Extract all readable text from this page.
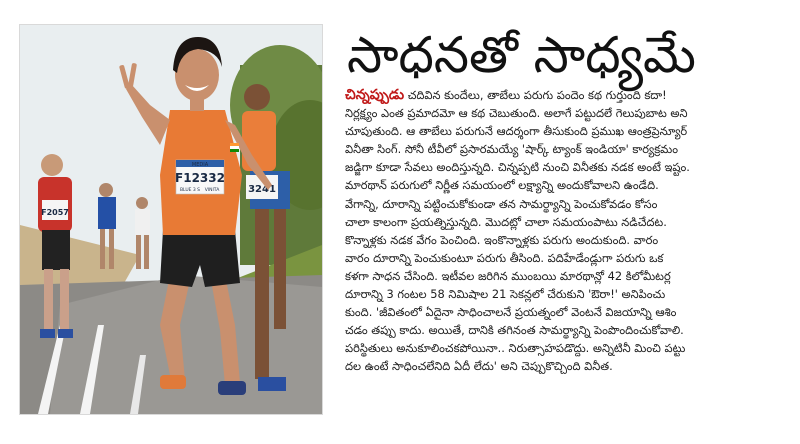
F2057
3241
MEDIA
F12332
BLUE 3 S VINITA
సాధనతో సాధ్యమే
చిన్నప్పుడు చదివిన కుందేలు, తాబేలు పరుగు పందెం కథ గుర్తుంది కదా!
నిర్లక్ష్యం ఎంత ప్రమాదమో ఆ కథ చెబుతుంది. అలాగే పట్టుదలే గెలుపుబాట అని
చూపుతుంది. ఆ తాబేలు పరుగునే ఆదర్శంగా తీసుకుంది ప్రముఖ ఆంత్రప్రెన్యూర్
వినీతా సింగ్. సోనీ టీవీలో ప్రసారమయ్యే 'షార్క్ ట్యాంక్ ఇండియా' కార్యక్రమం
జడ్జిగా కూడా సేవలు అందిస్తున్నది. చిన్నప్పటి నుంచి వినీతకు నడక అంటే ఇష్టం.
మారథాన్ పరుగులో నిర్ణీత సమయంలో లక్ష్యాన్ని అందుకోవాలని ఉండేది.
వేగాన్ని, దూరాన్ని పట్టించుకోకుండా తన సామర్థ్యాన్ని పెంచుకోవడం కోసం
చాలా కాలంగా ప్రయత్నిస్తున్నది. మొదట్లో చాలా సమయంపాటు నడిచేదట.
కొన్నాళ్లకు నడక వేగం పెంచింది. ఇంకొన్నాళ్లకు పరుగు అందుకుంది. వారం
వారం దూరాన్ని పెంచుకుంటూ పరుగు తీసింది. పదిహేడేండ్లుగా పరుగు ఒక
కళగా సాధన చేసింది. ఇటీవల జరిగిన ముంబయి మారథాన్లో 42 కిలోమీటర్ల
దూరాన్ని 3 గంటల 58 నిమిషాల 21 సెకన్లలో చేరుకుని 'ఔరా!' అనిపించు
కుంది. 'జీవితంలో ఏదైనా సాధించాలనే ప్రయత్నంలో వెంటనే విజయాన్ని ఆశిం
చడం తప్పు కాదు. అయితే, దానికి తగినంత సామర్థ్యాన్ని పెంపొందించుకోవాలి.
పరిస్థితులు అనుకూలించకపోయినా.. నిరుత్సాహపడొద్దు. అన్నిటినీ మించి పట్టు
దల ఉంటే సాధించలేనిది ఏదీ లేదు' అని చెప్పుకొచ్చింది వినీత.
